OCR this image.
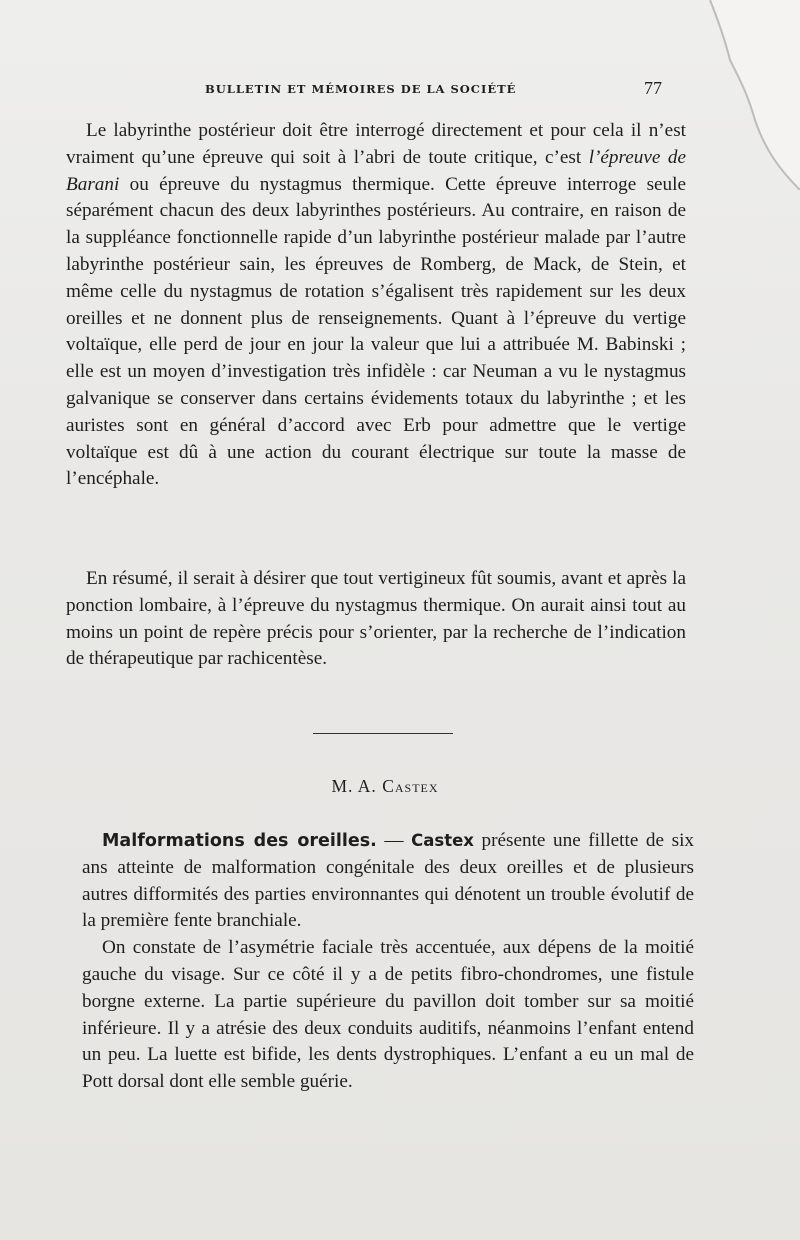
BULLETIN ET MÉMOIRES DE LA SOCIÉTÉ	77

Le labyrinthe postérieur doit être interrogé directement et pour cela il n’est vraiment qu’une épreuve qui soit à l’abri de toute critique, c’est l’épreuve de Barani ou épreuve du nystagmus thermique. Cette épreuve interroge seule séparément chacun des deux labyrinthes postérieurs. Au contraire, en raison de la suppléance fonctionnelle rapide d’un labyrinthe postérieur malade par l’autre labyrinthe postérieur sain, les épreuves de Romberg, de Mack, de Stein, et même celle du nystagmus de rotation s’égalisent très rapidement sur les deux oreilles et ne donnent plus de renseignements. Quant à l’épreuve du vertige voltaïque, elle perd de jour en jour la valeur que lui a attribuée M. Babinski ; elle est un moyen d’investigation très infidèle : car Neuman a vu le nystagmus galvanique se conserver dans certains évidements totaux du labyrinthe ; et les auristes sont en général d’accord avec Erb pour admettre que le vertige voltaïque est dû à une action du courant électrique sur toute la masse de l’encéphale.

En résumé, il serait à désirer que tout vertigineux fût soumis, avant et après la ponction lombaire, à l’épreuve du nystagmus thermique. On aurait ainsi tout au moins un point de repère précis pour s’orienter, par la recherche de l’indication de thérapeutique par rachicentèse.

M. A. Castex

Malformations des oreilles. — Castex présente une fillette de six ans atteinte de malformation congénitale des deux oreilles et de plusieurs autres difformités des parties environnantes qui dénotent un trouble évolutif de la première fente branchiale.

On constate de l’asymétrie faciale très accentuée, aux dépens de la moitié gauche du visage. Sur ce côté il y a de petits fibro-chondromes, une fistule borgne externe. La partie supérieure du pavillon doit tomber sur sa moitié inférieure. Il y a atrésie des deux conduits auditifs, néanmoins l’enfant entend un peu. La luette est bifide, les dents dystrophiques. L’enfant a eu un mal de Pott dorsal dont elle semble guérie.
